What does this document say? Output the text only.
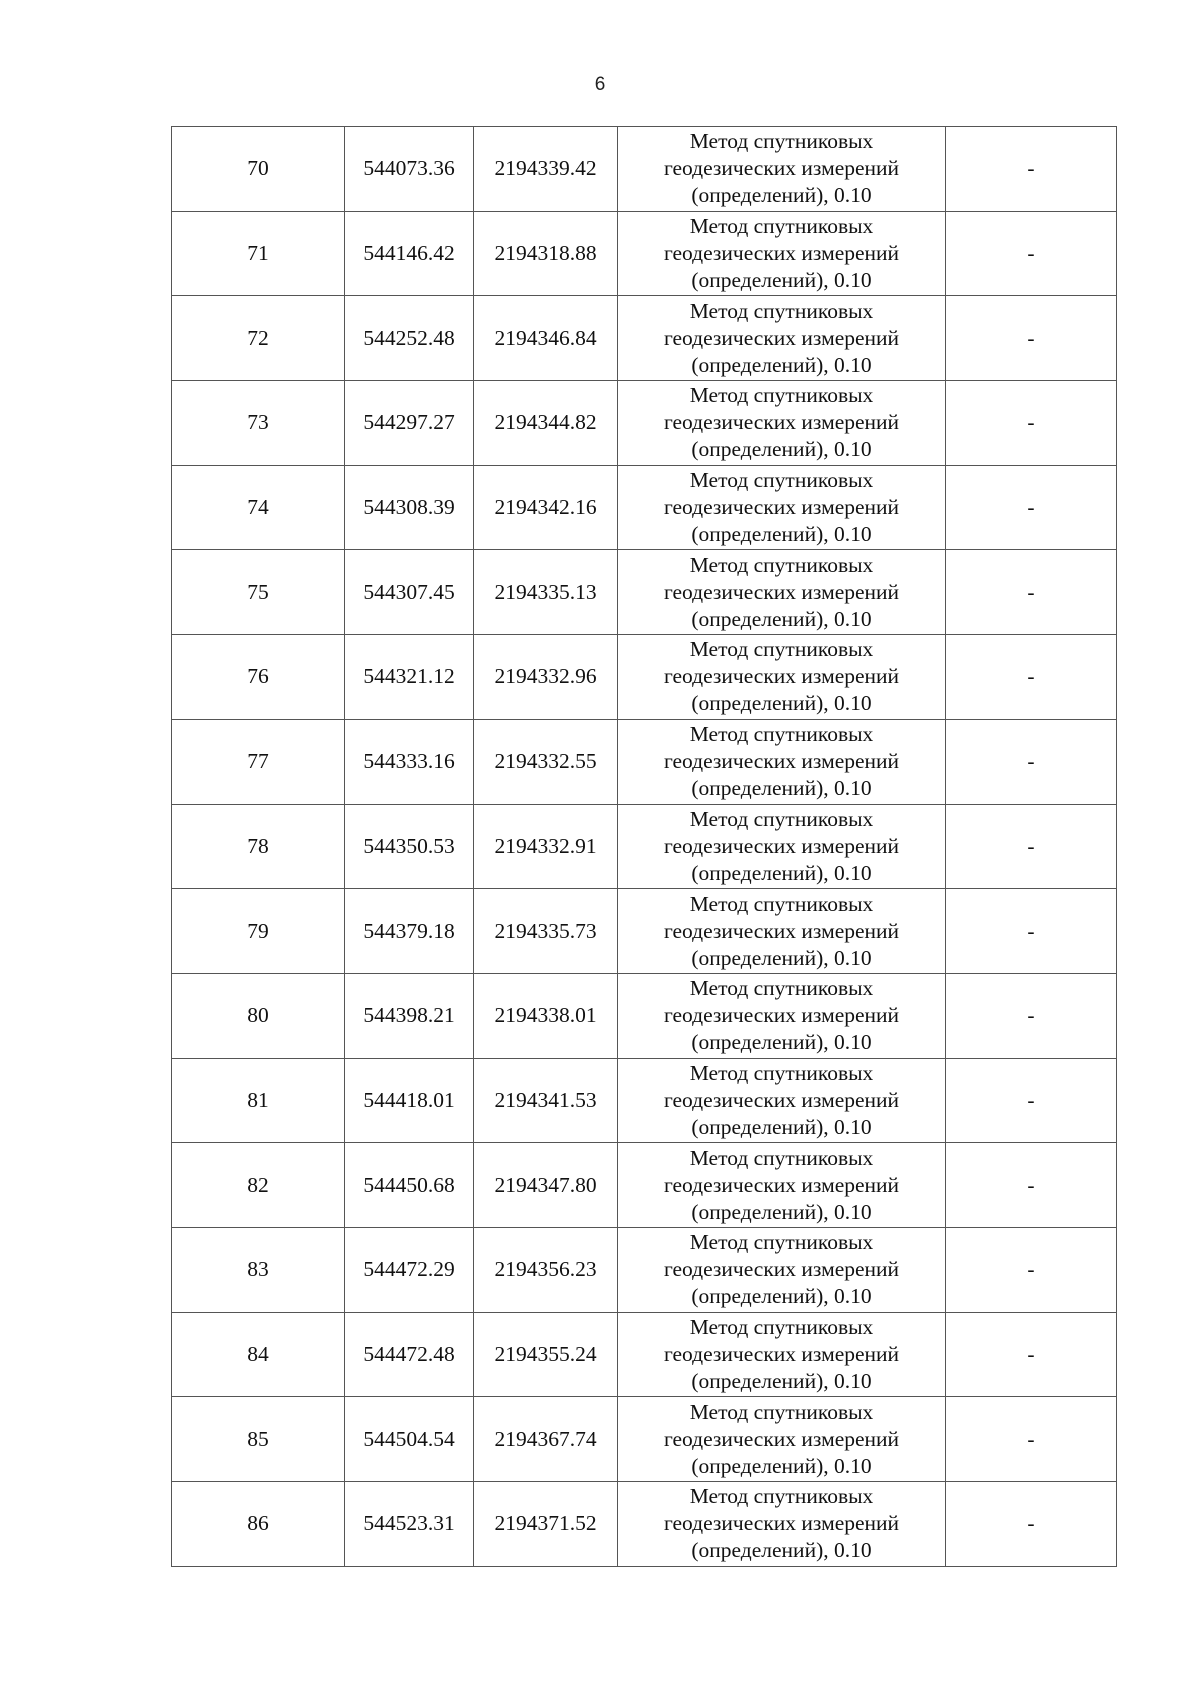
6
70	544073.36	2194339.42	Метод спутниковых
геодезических измерений
(определений), 0.10	-
71	544146.42	2194318.88	Метод спутниковых
геодезических измерений
(определений), 0.10	-
72	544252.48	2194346.84	Метод спутниковых
геодезических измерений
(определений), 0.10	-
73	544297.27	2194344.82	Метод спутниковых
геодезических измерений
(определений), 0.10	-
74	544308.39	2194342.16	Метод спутниковых
геодезических измерений
(определений), 0.10	-
75	544307.45	2194335.13	Метод спутниковых
геодезических измерений
(определений), 0.10	-
76	544321.12	2194332.96	Метод спутниковых
геодезических измерений
(определений), 0.10	-
77	544333.16	2194332.55	Метод спутниковых
геодезических измерений
(определений), 0.10	-
78	544350.53	2194332.91	Метод спутниковых
геодезических измерений
(определений), 0.10	-
79	544379.18	2194335.73	Метод спутниковых
геодезических измерений
(определений), 0.10	-
80	544398.21	2194338.01	Метод спутниковых
геодезических измерений
(определений), 0.10	-
81	544418.01	2194341.53	Метод спутниковых
геодезических измерений
(определений), 0.10	-
82	544450.68	2194347.80	Метод спутниковых
геодезических измерений
(определений), 0.10	-
83	544472.29	2194356.23	Метод спутниковых
геодезических измерений
(определений), 0.10	-
84	544472.48	2194355.24	Метод спутниковых
геодезических измерений
(определений), 0.10	-
85	544504.54	2194367.74	Метод спутниковых
геодезических измерений
(определений), 0.10	-
86	544523.31	2194371.52	Метод спутниковых
геодезических измерений
(определений), 0.10	-
